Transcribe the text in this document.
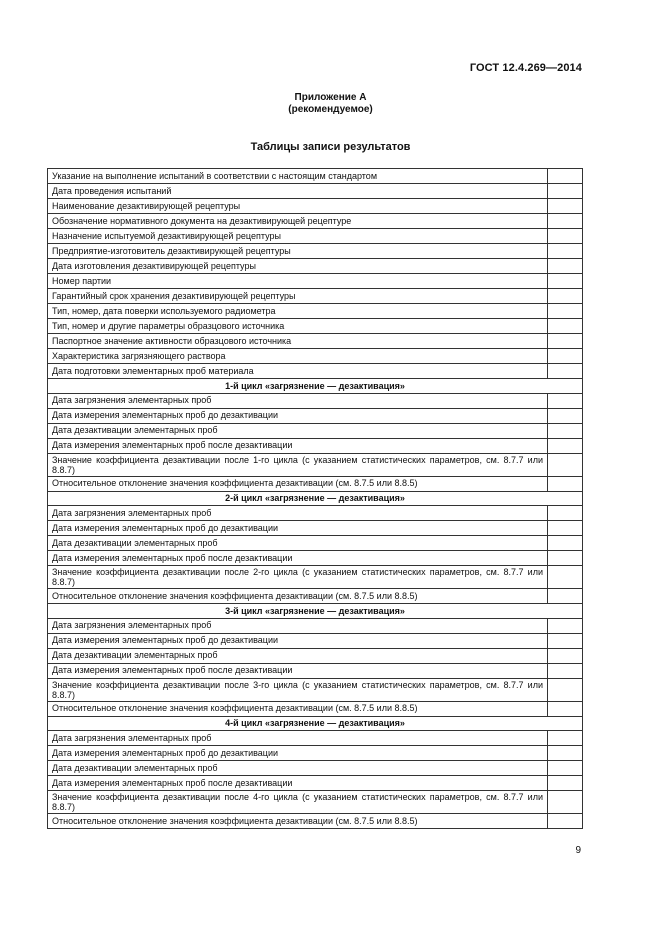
ГОСТ 12.4.269—2014
Приложение А
(рекомендуемое)
Таблицы записи результатов
Указание на выполнение испытаний в соответствии с настоящим стандартом	
Дата проведения испытаний	
Наименование дезактивирующей рецептуры	
Обозначение нормативного документа на дезактивирующей рецептуре	
Назначение испытуемой дезактивирующей рецептуры	
Предприятие-изготовитель дезактивирующей рецептуры	
Дата изготовления дезактивирующей рецептуры	
Номер партии	
Гарантийный срок хранения дезактивирующей рецептуры	
Тип, номер, дата поверки используемого радиометра	
Тип, номер и другие параметры образцового источника	
Паспортное значение активности образцового источника	
Характеристика загрязняющего раствора	
Дата подготовки элементарных проб материала	
1-й цикл «загрязнение — дезактивация»	
Дата загрязнения элементарных проб	
Дата измерения элементарных проб до дезактивации	
Дата дезактивации элементарных проб	
Дата измерения элементарных проб после дезактивации	
Значение коэффициента дезактивации после 1-го цикла (с указанием статистических параметров, см. 8.7.7 или 8.8.7)	
Относительное отклонение значения коэффициента дезактивации (см. 8.7.5 или 8.8.5)	
2-й цикл «загрязнение — дезактивация»	
Дата загрязнения элементарных проб	
Дата измерения элементарных проб до дезактивации	
Дата дезактивации элементарных проб	
Дата измерения элементарных проб после дезактивации	
Значение коэффициента дезактивации после 2-го цикла (с указанием статистических параметров, см. 8.7.7 или 8.8.7)	
Относительное отклонение значения коэффициента дезактивации (см. 8.7.5 или 8.8.5)	
3-й цикл «загрязнение — дезактивация»	
Дата загрязнения элементарных проб	
Дата измерения элементарных проб до дезактивации	
Дата дезактивации элементарных проб	
Дата измерения элементарных проб после дезактивации	
Значение коэффициента дезактивации после 3-го цикла (с указанием статистических параметров, см. 8.7.7 или 8.8.7)	
Относительное отклонение значения коэффициента дезактивации (см. 8.7.5 или 8.8.5)	
4-й цикл «загрязнение — дезактивация»	
Дата загрязнения элементарных проб	
Дата измерения элементарных проб до дезактивации	
Дата дезактивации элементарных проб	
Дата измерения элементарных проб после дезактивации	
Значение коэффициента дезактивации после 4-го цикла (с указанием статистических параметров, см. 8.7.7 или 8.8.7)	
Относительное отклонение значения коэффициента дезактивации (см. 8.7.5 или 8.8.5)	
9
